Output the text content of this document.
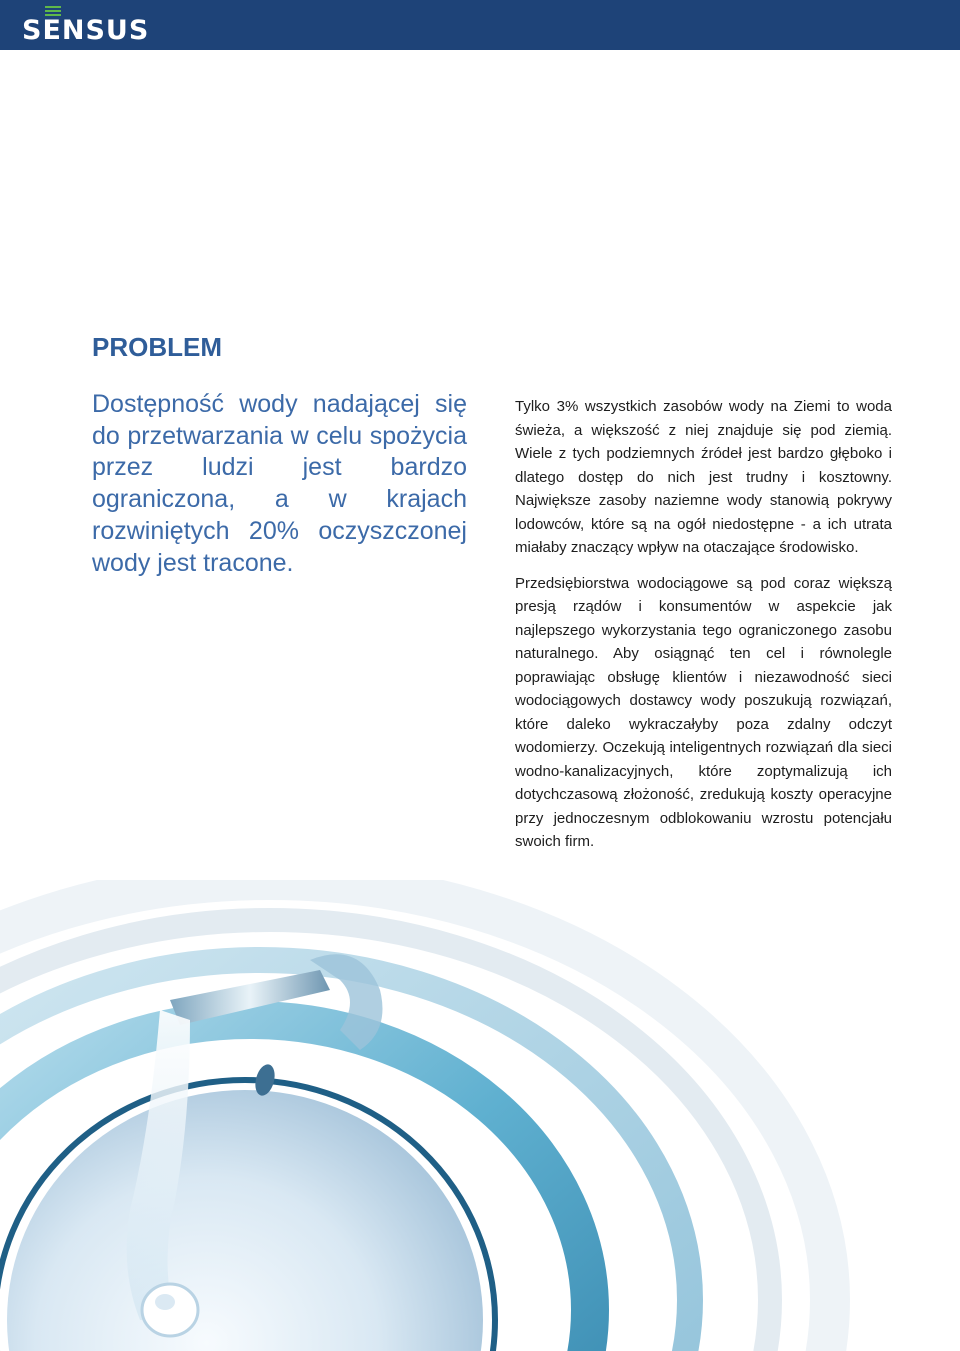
SENSUS
PROBLEM

Dostępność wody nadającej się do przetwarzania w celu spożycia przez ludzi jest bardzo ograniczona, a w krajach rozwiniętych 20% oczyszczonej wody jest tracone.

Tylko 3% wszystkich zasobów wody na Ziemi to woda świeża, a większość z niej znajduje się pod ziemią. Wiele z tych podziemnych źródeł jest bardzo głęboko i dlatego dostęp do nich jest trudny i kosztowny. Największe zasoby naziemne wody stanowią pokrywy lodowców, które są na ogół niedostępne - a ich utrata miałaby znaczący wpływ na otaczające środowisko.

Przedsiębiorstwa wodociągowe są pod coraz większą presją rządów i konsumentów w aspekcie jak najlepszego wykorzystania tego ograniczonego zasobu naturalnego. Aby osiągnąć ten cel i równolegle poprawiając obsługę klientów i niezawodność sieci wodociągowych dostawcy wody poszukują rozwiązań, które daleko wykraczałyby poza zdalny odczyt wodomierzy. Oczekują inteligentnych rozwiązań dla sieci wodno-kanalizacyjnych, które zoptymalizują ich dotychczasową złożoność, zredukują koszty operacyjne przy jednoczesnym odblokowaniu wzrostu potencjału swoich firm.
